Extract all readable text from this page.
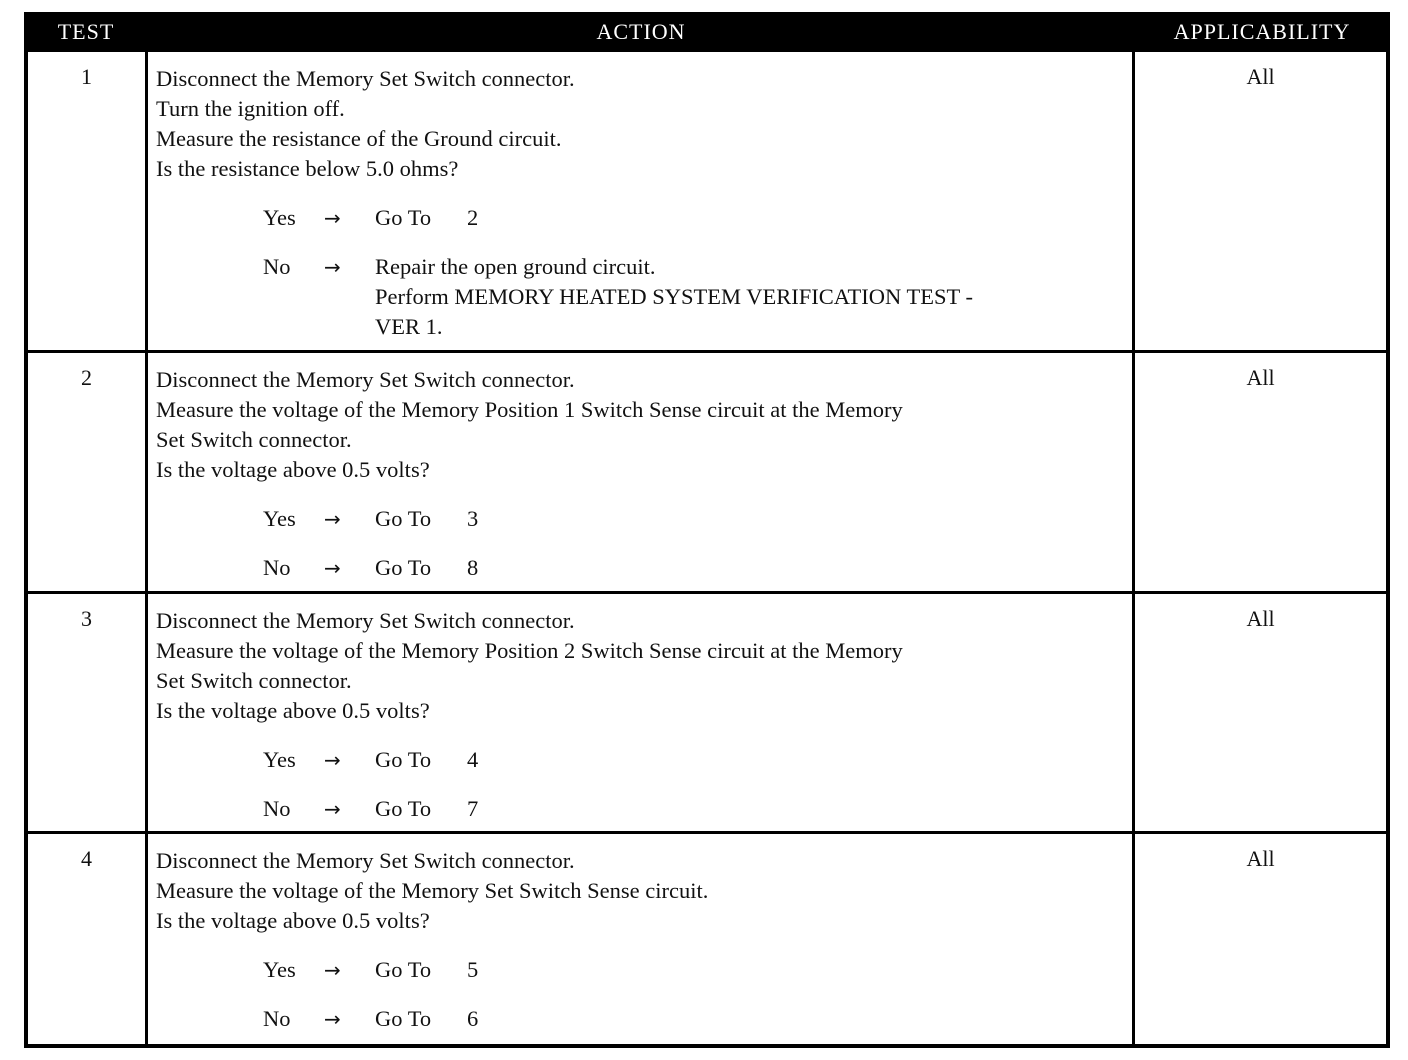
TEST	ACTION	APPLICABILITY
1	Disconnect the Memory Set Switch connector.
Turn the ignition off.
Measure the resistance of the Ground circuit.
Is the resistance below 5.0 ohms?
Yes	→	Go To 2
No	→	Repair the open ground circuit.
Perform MEMORY HEATED SYSTEM VERIFICATION TEST -
VER 1.
All
2	Disconnect the Memory Set Switch connector.
Measure the voltage of the Memory Position 1 Switch Sense circuit at the Memory
Set Switch connector.
Is the voltage above 0.5 volts?
Yes	→	Go To 3
No	→	Go To 8
All
3	Disconnect the Memory Set Switch connector.
Measure the voltage of the Memory Position 2 Switch Sense circuit at the Memory
Set Switch connector.
Is the voltage above 0.5 volts?
Yes	→	Go To 4
No	→	Go To 7
All
4	Disconnect the Memory Set Switch connector.
Measure the voltage of the Memory Set Switch Sense circuit.
Is the voltage above 0.5 volts?
Yes	→	Go To 5
No	→	Go To 6
All
